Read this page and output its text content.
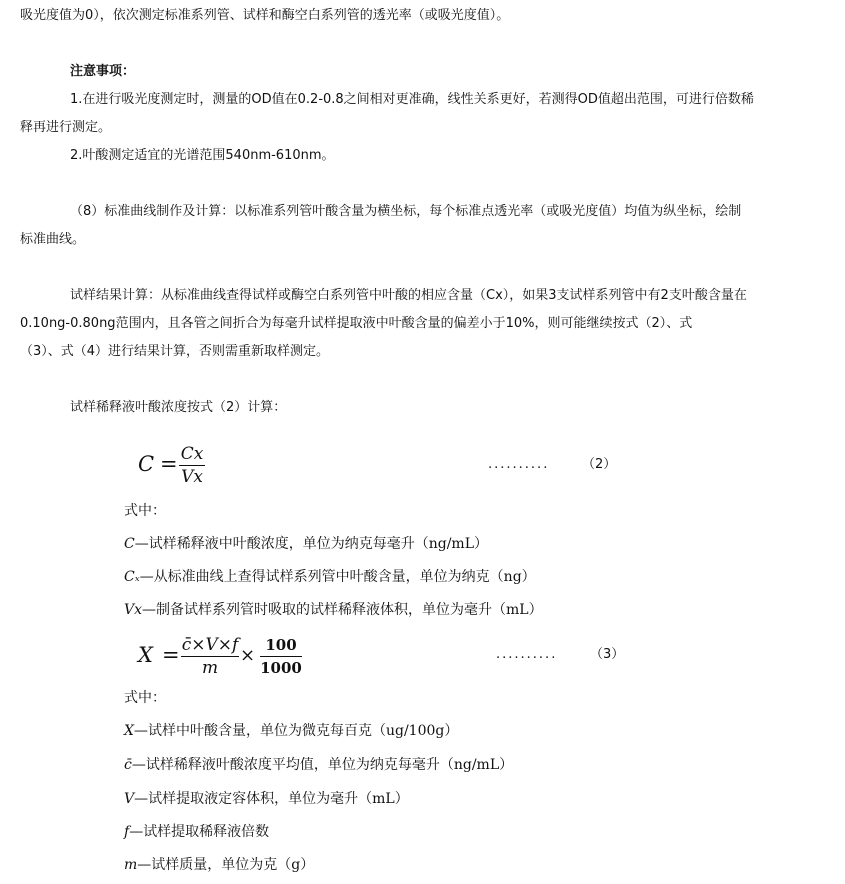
吸光度值为0），依次测定标准系列管、试样和酶空白系列管的透光率（或吸光度值）。
注意事项：
1.在进行吸光度测定时，测量的OD值在0.2-0.8之间相对更准确，线性关系更好，若测得OD值超出范围，可进行倍数稀
释再进行测定。
2.叶酸测定适宜的光谱范围540nm-610nm。
（8）标准曲线制作及计算：以标准系列管叶酸含量为横坐标，每个标准点透光率（或吸光度值）均值为纵坐标，绘制
标准曲线。
试样结果计算：从标准曲线查得试样或酶空白系列管中叶酸的相应含量（Cx），如果3支试样系列管中有2支叶酸含量在
0.10ng-0.80ng范围内，且各管之间折合为每毫升试样提取液中叶酸含量的偏差小于10%，则可能继续按式（2）、式
（3）、式（4）进行结果计算，否则需重新取样测定。
试样稀释液叶酸浓度按式（2）计算：
C = Cx
Vx
..........	（2）
式中：
C—试样稀释液中叶酸浓度，单位为纳克每毫升（ng/mL）
Cₓ—从标准曲线上查得试样系列管中叶酸含量，单位为纳克（ng）
Vx—制备试样系列管时吸取的试样稀释液体积，单位为毫升（mL）
X = c̄×V×f
m
× 100
1000
..........	（3）
式中：
X—试样中叶酸含量，单位为微克每百克（ug/100g）
c̄—试样稀释液叶酸浓度平均值，单位为纳克每毫升（ng/mL）
V—试样提取液定容体积，单位为毫升（mL）
f—试样提取稀释液倍数
m—试样质量，单位为克（g）
